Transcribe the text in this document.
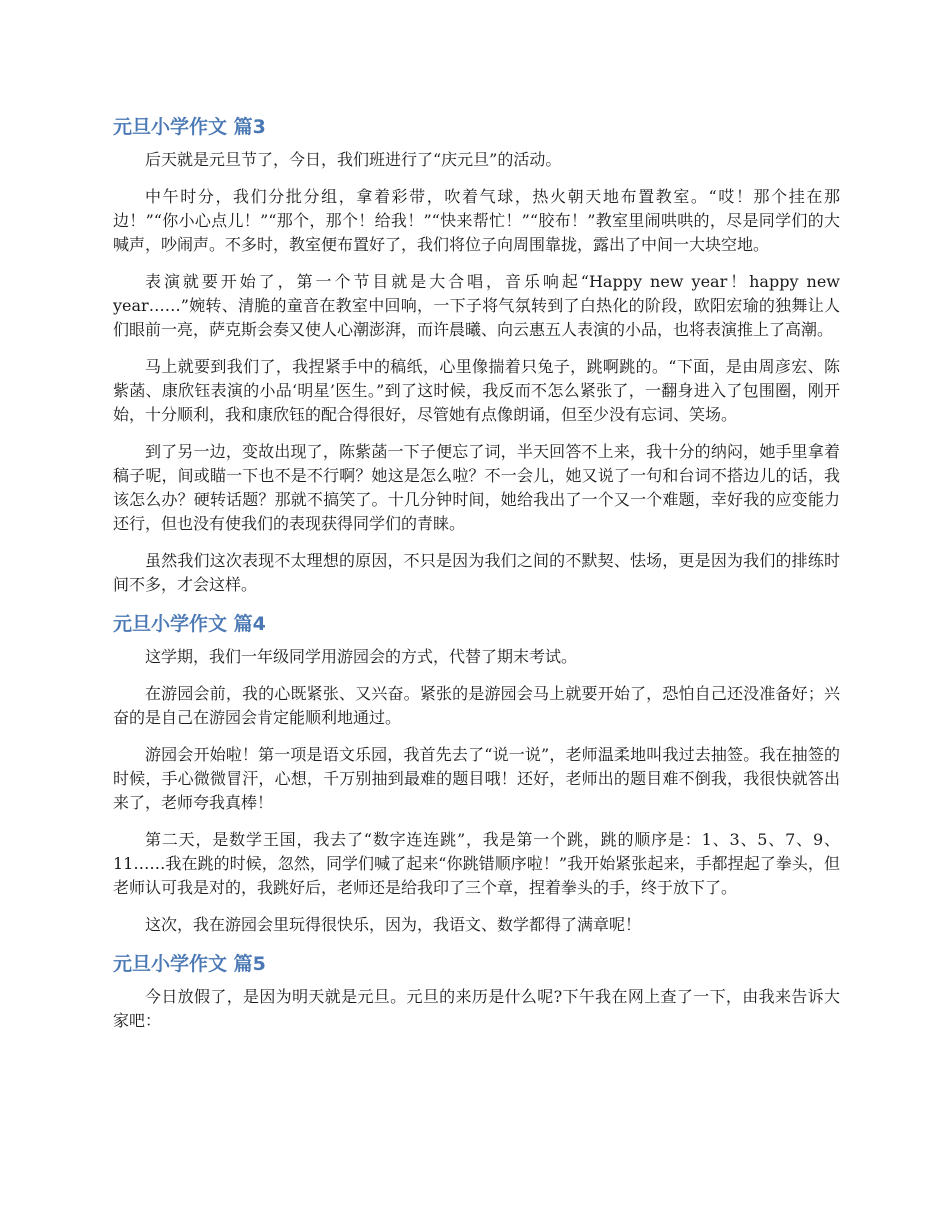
元旦小学作文 篇3

后天就是元旦节了，今日，我们班进行了“庆元旦”的活动。

中午时分，我们分批分组，拿着彩带，吹着气球，热火朝天地布置教室。“哎！那个挂在那边！”“你小心点儿！”“那个，那个！给我！”“快来帮忙！”“胶布！”教室里闹哄哄的，尽是同学们的大喊声，吵闹声。不多时，教室便布置好了，我们将位子向周围靠拢，露出了中间一大块空地。

表演就要开始了，第一个节目就是大合唱，音乐响起“Happy new year！happy new year……”婉转、清脆的童音在教室中回响，一下子将气氛转到了白热化的阶段，欧阳宏瑜的独舞让人们眼前一亮，萨克斯会奏又使人心潮澎湃，而许晨曦、向云惠五人表演的小品，也将表演推上了高潮。

马上就要到我们了，我捏紧手中的稿纸，心里像揣着只兔子，跳啊跳的。“下面，是由周彦宏、陈紫菡、康欣钰表演的小品‘明星’医生。”到了这时候，我反而不怎么紧张了，一翻身进入了包围圈，刚开始，十分顺利，我和康欣钰的配合得很好，尽管她有点像朗诵，但至少没有忘词、笑场。

到了另一边，变故出现了，陈紫菡一下子便忘了词，半天回答不上来，我十分的纳闷，她手里拿着稿子呢，间或瞄一下也不是不行啊？她这是怎么啦？不一会儿，她又说了一句和台词不搭边儿的话，我该怎么办？硬转话题？那就不搞笑了。十几分钟时间，她给我出了一个又一个难题，幸好我的应变能力还行，但也没有使我们的表现获得同学们的青睐。

虽然我们这次表现不太理想的原因，不只是因为我们之间的不默契、怯场，更是因为我们的排练时间不多，才会这样。

元旦小学作文 篇4

这学期，我们一年级同学用游园会的方式，代替了期末考试。

在游园会前，我的心既紧张、又兴奋。紧张的是游园会马上就要开始了，恐怕自己还没准备好；兴奋的是自己在游园会肯定能顺利地通过。

游园会开始啦！第一项是语文乐园，我首先去了“说一说”，老师温柔地叫我过去抽签。我在抽签的时候，手心微微冒汗，心想，千万别抽到最难的题目哦！还好，老师出的题目难不倒我，我很快就答出来了，老师夸我真棒！

第二天，是数学王国，我去了“数字连连跳”，我是第一个跳，跳的顺序是：1、3、5、7、9、11……我在跳的时候，忽然，同学们喊了起来“你跳错顺序啦！”我开始紧张起来，手都捏起了拳头，但老师认可我是对的，我跳好后，老师还是给我印了三个章，捏着拳头的手，终于放下了。

这次，我在游园会里玩得很快乐，因为，我语文、数学都得了满章呢！

元旦小学作文 篇5

今日放假了，是因为明天就是元旦。元旦的来历是什么呢?下午我在网上查了一下，由我来告诉大家吧：
